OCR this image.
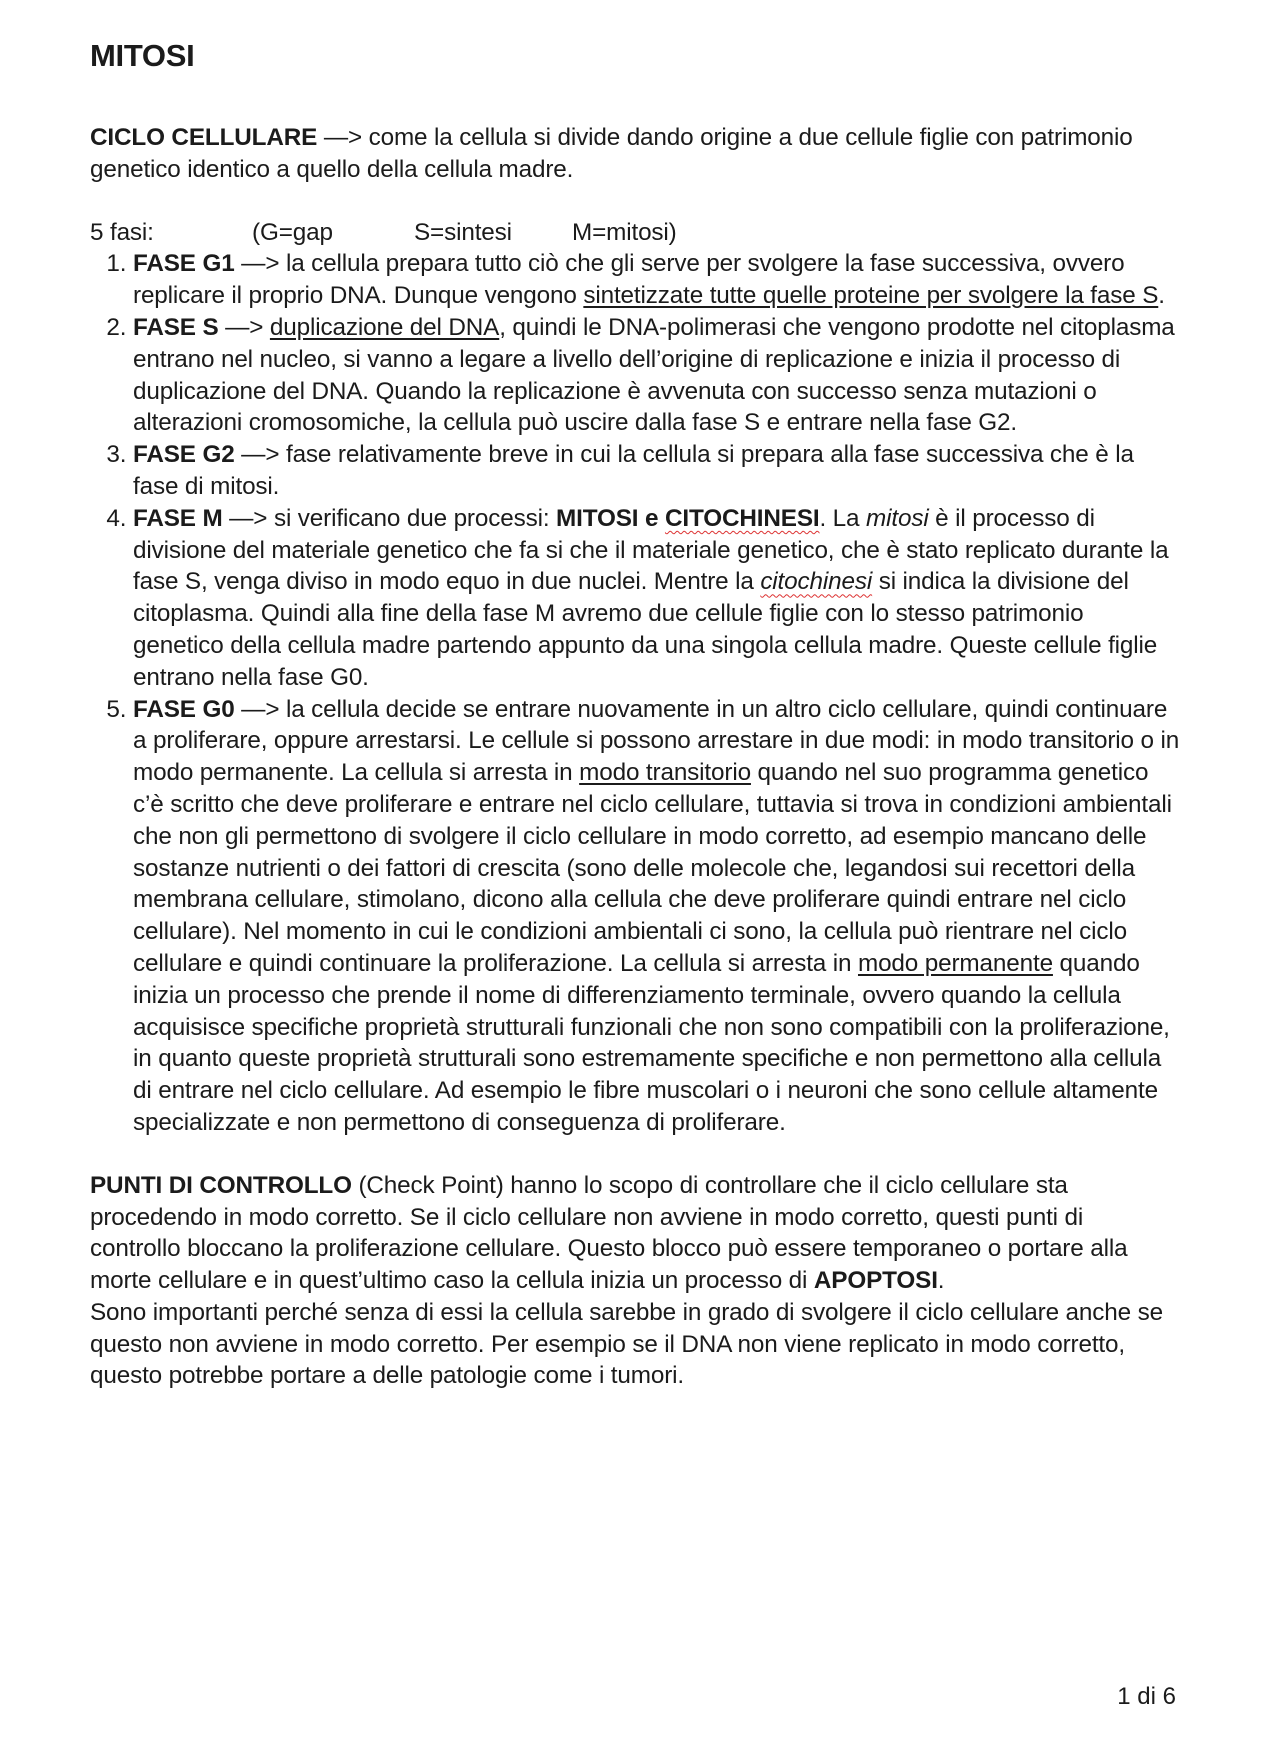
MITOSI

CICLO CELLULARE —> come la cellula si divide dando origine a due cellule figlie con patrimonio genetico identico a quello della cellula madre.

5 fasi:	(G=gap	S=sintesi M=mitosi)

1. FASE G1 —> la cellula prepara tutto ciò che gli serve per svolgere la fase successiva, ovvero replicare il proprio DNA. Dunque vengono sintetizzate tutte quelle proteine per svolgere la fase S.
2. FASE S —> duplicazione del DNA, quindi le DNA-polimerasi che vengono prodotte nel citoplasma entrano nel nucleo, si vanno a legare a livello dell’origine di replicazione e inizia il processo di duplicazione del DNA. Quando la replicazione è avvenuta con successo senza mutazioni o alterazioni cromosomiche, la cellula può uscire dalla fase S e entrare nella fase G2.
3. FASE G2 —> fase relativamente breve in cui la cellula si prepara alla fase successiva che è la fase di mitosi.
4. FASE M —> si verificano due processi: MITOSI e CITOCHINESI. La mitosi è il processo di divisione del materiale genetico che fa si che il materiale genetico, che è stato replicato durante la fase S, venga diviso in modo equo in due nuclei. Mentre la citochinesi si indica la divisione del citoplasma. Quindi alla fine della fase M avremo due cellule figlie con lo stesso patrimonio genetico della cellula madre partendo appunto da una singola cellula madre. Queste cellule figlie entrano nella fase G0.
5. FASE G0 —> la cellula decide se entrare nuovamente in un altro ciclo cellulare, quindi continuare a proliferare, oppure arrestarsi. Le cellule si possono arrestare in due modi: in modo transitorio o in modo permanente. La cellula si arresta in modo transitorio quando nel suo programma genetico c’è scritto che deve proliferare e entrare nel ciclo cellulare, tuttavia si trova in condizioni ambientali che non gli permettono di svolgere il ciclo cellulare in modo corretto, ad esempio mancano delle sostanze nutrienti o dei fattori di crescita (sono delle molecole che, legandosi sui recettori della membrana cellulare, stimolano, dicono alla cellula che deve proliferare quindi entrare nel ciclo cellulare). Nel momento in cui le condizioni ambientali ci sono, la cellula può rientrare nel ciclo cellulare e quindi continuare la proliferazione. La cellula si arresta in modo permanente quando inizia un processo che prende il nome di differenziamento terminale, ovvero quando la cellula acquisisce specifiche proprietà strutturali funzionali che non sono compatibili con la proliferazione, in quanto queste proprietà strutturali sono estremamente specifiche e non permettono alla cellula di entrare nel ciclo cellulare. Ad esempio le fibre muscolari o i neuroni che sono cellule altamente specializzate e non permettono di conseguenza di proliferare.

PUNTI DI CONTROLLO (Check Point) hanno lo scopo di controllare che il ciclo cellulare sta procedendo in modo corretto. Se il ciclo cellulare non avviene in modo corretto, questi punti di controllo bloccano la proliferazione cellulare. Questo blocco può essere temporaneo o portare alla morte cellulare e in quest’ultimo caso la cellula inizia un processo di APOPTOSI.

Sono importanti perché senza di essi la cellula sarebbe in grado di svolgere il ciclo cellulare anche se questo non avviene in modo corretto. Per esempio se il DNA non viene replicato in modo corretto, questo potrebbe portare a delle patologie come i tumori.

1 di 6
